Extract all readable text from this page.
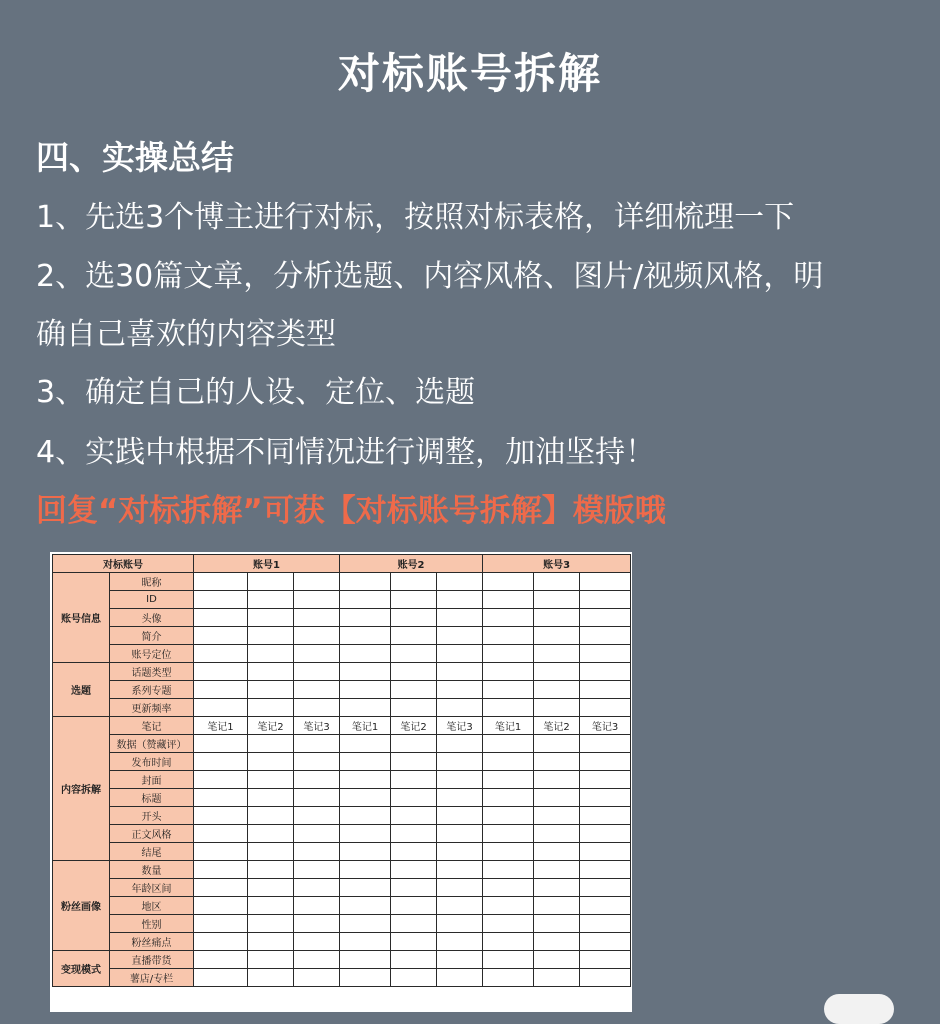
对标账号拆解
四、实操总结
1、先选3个博主进行对标，按照对标表格，详细梳理一下
2、选30篇文章，分析选题、内容风格、图片/视频风格，明
确自己喜欢的内容类型
3、确定自己的人设、定位、选题
4、实践中根据不同情况进行调整，加油坚持！
回复“对标拆解”可获【对标账号拆解】模版哦
对标账号		账号1			账号2			账号3		
账号信息	昵称									
	ID									
	头像									
	简介									
	账号定位									
选题	话题类型									
	系列专题									
	更新频率									
内容拆解	笔记	笔记1	笔记2	笔记3	笔记1	笔记2	笔记3	笔记1	笔记2	笔记3
	数据（赞藏评）									
	发布时间									
	封面									
	标题									
	开头									
	正文风格									
	结尾									
粉丝画像	数量									
	年龄区间									
	地区									
	性别									
	粉丝痛点									
变现模式	直播带货									
	薯店/专栏									
